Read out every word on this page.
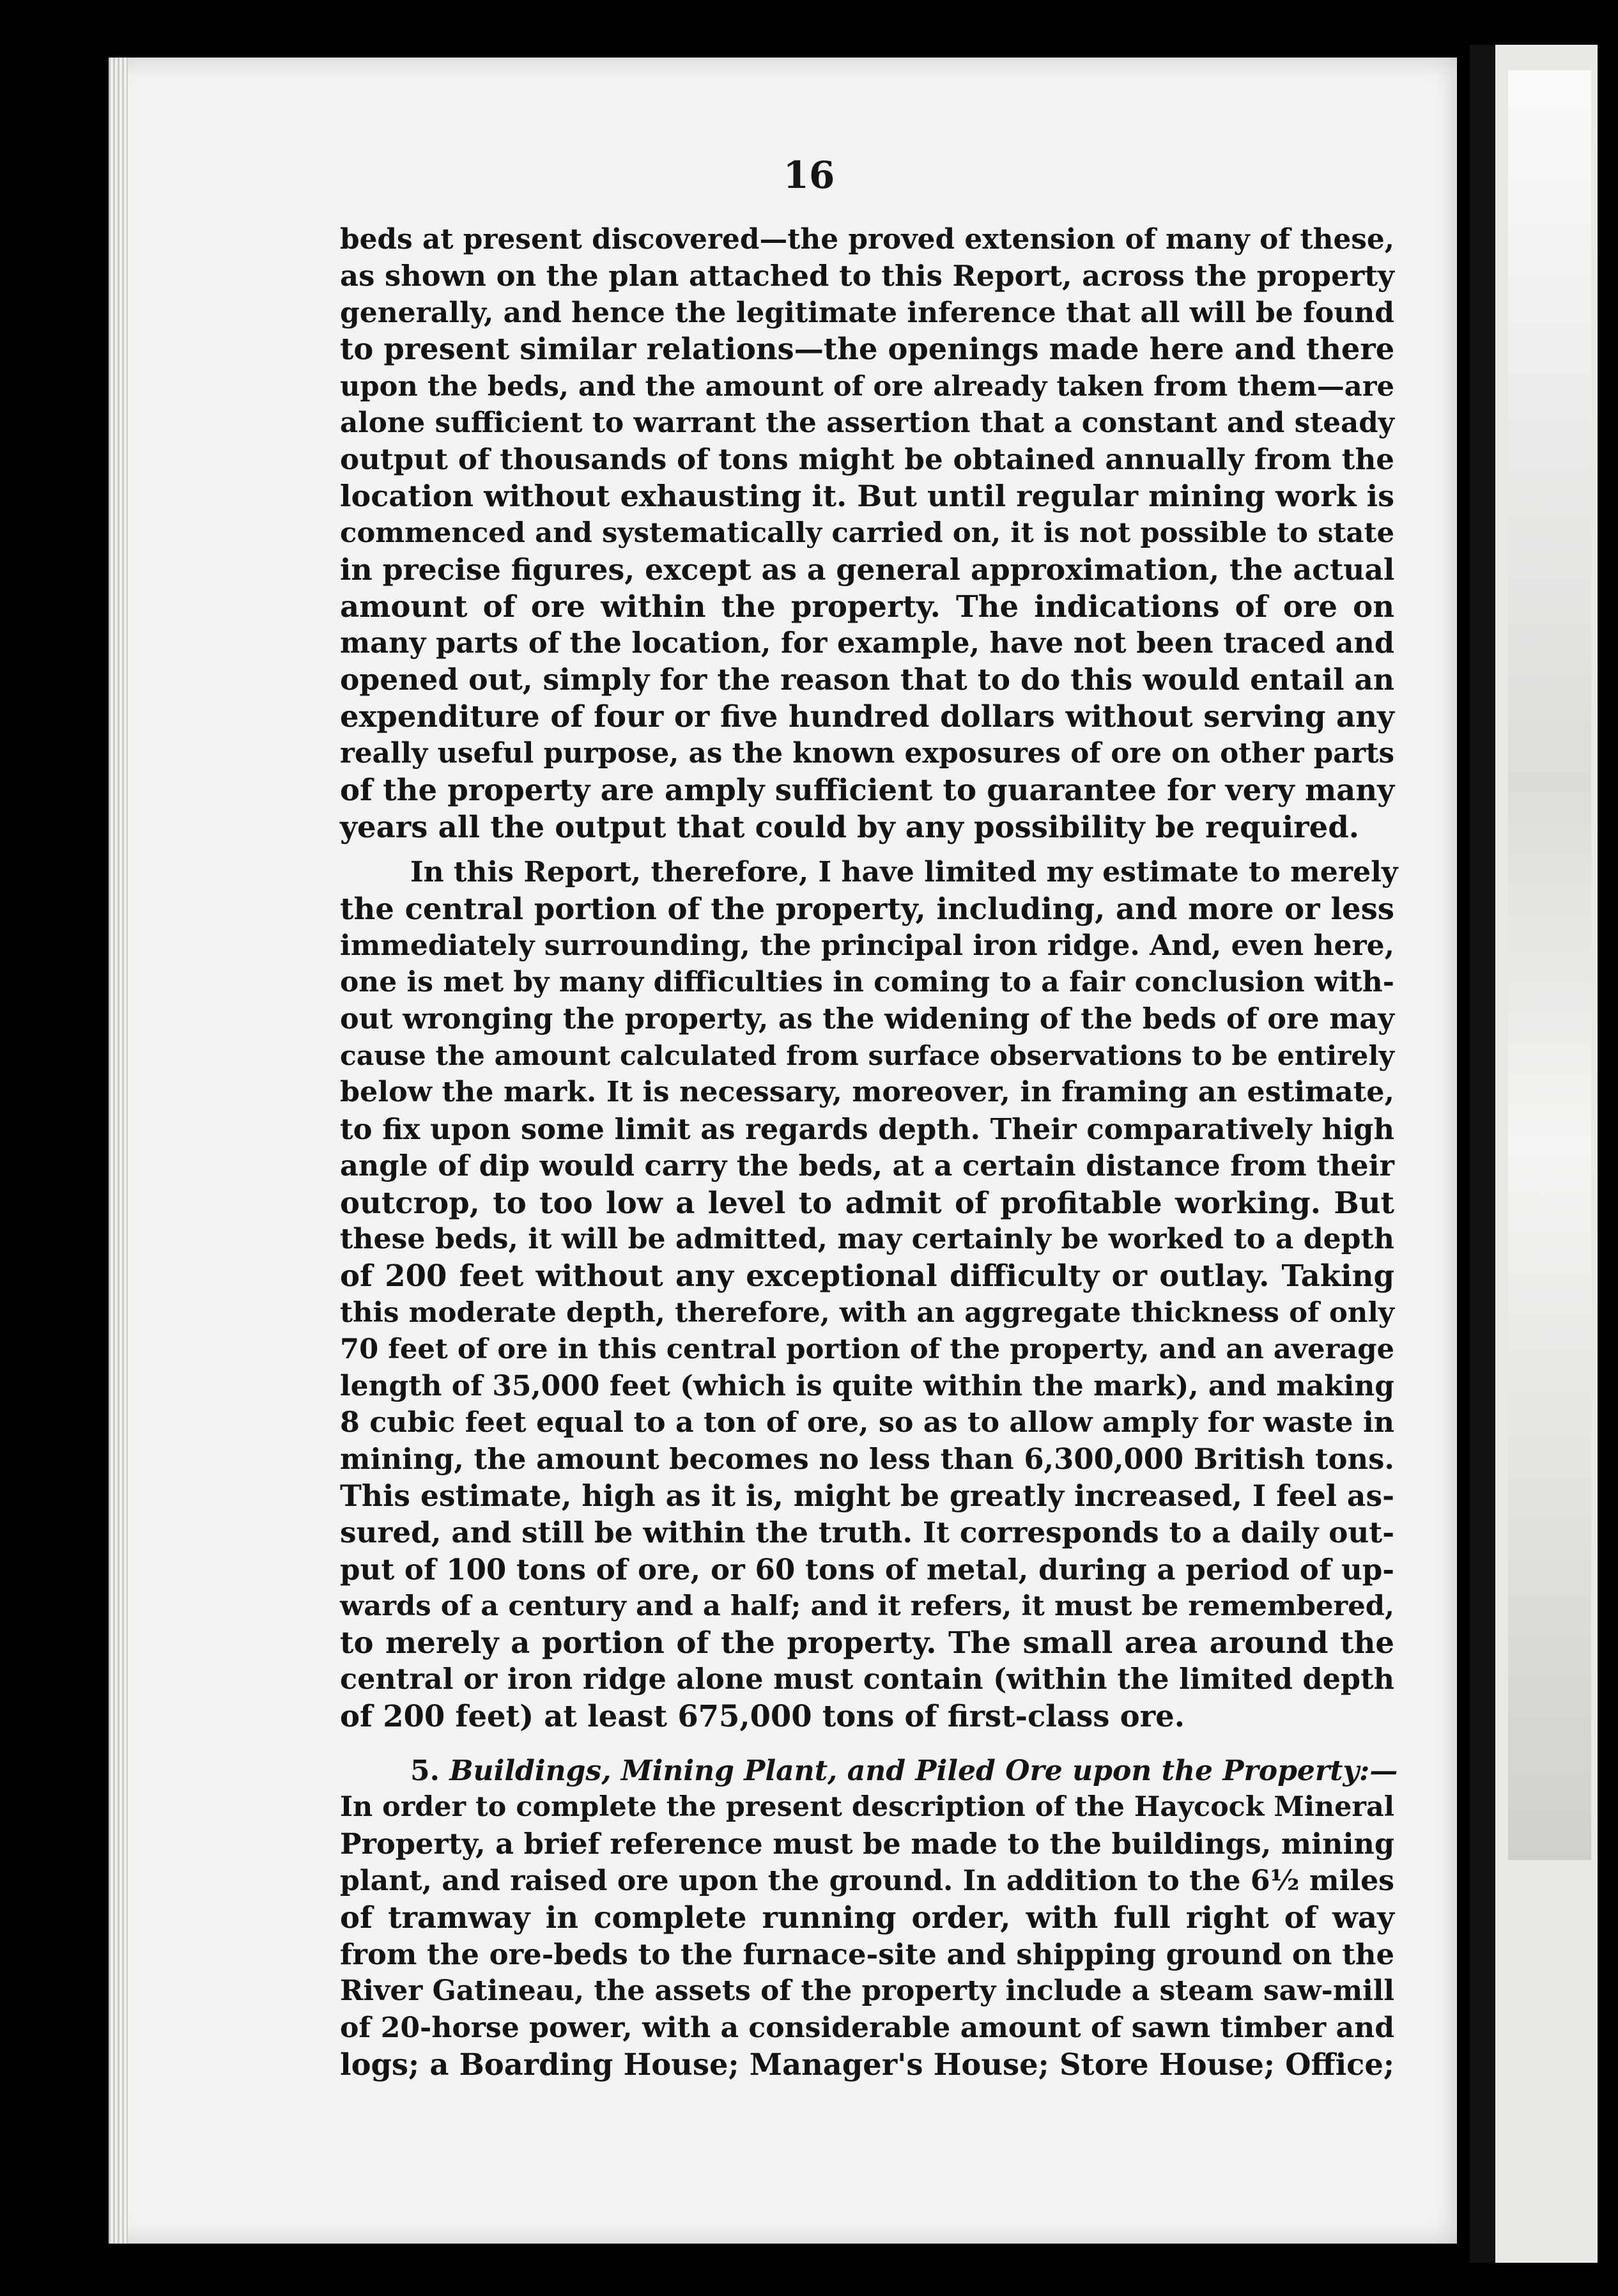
16
beds at present discovered—the proved extension of many of these,
as shown on the plan attached to this Report, across the property
generally, and hence the legitimate inference that all will be found
to present similar relations—the openings made here and there
upon the beds, and the amount of ore already taken from them—are
alone sufficient to warrant the assertion that a constant and steady
output of thousands of tons might be obtained annually from the
location without exhausting it. But until regular mining work is
commenced and systematically carried on, it is not possible to state
in precise figures, except as a general approximation, the actual
amount of ore within the property. The indications of ore on
many parts of the location, for example, have not been traced and
opened out, simply for the reason that to do this would entail an
expenditure of four or five hundred dollars without serving any
really useful purpose, as the known exposures of ore on other parts
of the property are amply sufficient to guarantee for very many
years all the output that could by any possibility be required.
In this Report, therefore, I have limited my estimate to merely
the central portion of the property, including, and more or less
immediately surrounding, the principal iron ridge. And, even here,
one is met by many difficulties in coming to a fair conclusion with-
out wronging the property, as the widening of the beds of ore may
cause the amount calculated from surface observations to be entirely
below the mark. It is necessary, moreover, in framing an estimate,
to fix upon some limit as regards depth. Their comparatively high
angle of dip would carry the beds, at a certain distance from their
outcrop, to too low a level to admit of profitable working. But
these beds, it will be admitted, may certainly be worked to a depth
of 200 feet without any exceptional difficulty or outlay. Taking
this moderate depth, therefore, with an aggregate thickness of only
70 feet of ore in this central portion of the property, and an average
length of 35,000 feet (which is quite within the mark), and making
8 cubic feet equal to a ton of ore, so as to allow amply for waste in
mining, the amount becomes no less than 6,300,000 British tons.
This estimate, high as it is, might be greatly increased, I feel as-
sured, and still be within the truth. It corresponds to a daily out-
put of 100 tons of ore, or 60 tons of metal, during a period of up-
wards of a century and a half; and it refers, it must be remembered,
to merely a portion of the property. The small area around the
central or iron ridge alone must contain (within the limited depth
of 200 feet) at least 675,000 tons of first-class ore.
5. Buildings, Mining Plant, and Piled Ore upon the Property:—
In order to complete the present description of the Haycock Mineral
Property, a brief reference must be made to the buildings, mining
plant, and raised ore upon the ground. In addition to the 6½ miles
of tramway in complete running order, with full right of way
from the ore-beds to the furnace-site and shipping ground on the
River Gatineau, the assets of the property include a steam saw-mill
of 20-horse power, with a considerable amount of sawn timber and
logs; a Boarding House; Manager's House; Store House; Office;
